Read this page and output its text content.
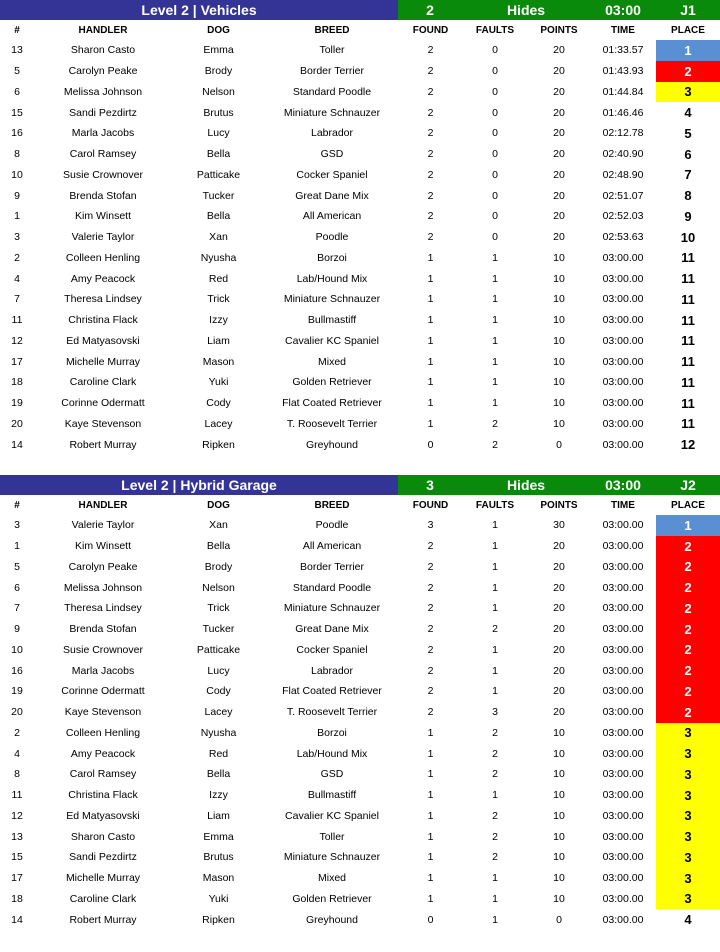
Level 2 | Vehicles	2	Hides	03:00	J1
#	HANDLER	DOG	BREED	FOUND	FAULTS	POINTS	TIME	PLACE
13	Sharon Casto	Emma	Toller	2	0	20	01:33.57	1
5	Carolyn Peake	Brody	Border Terrier	2	0	20	01:43.93	2
6	Melissa Johnson	Nelson	Standard Poodle	2	0	20	01:44.84	3
15	Sandi Pezdirtz	Brutus	Miniature Schnauzer	2	0	20	01:46.46	4
16	Marla Jacobs	Lucy	Labrador	2	0	20	02:12.78	5
8	Carol Ramsey	Bella	GSD	2	0	20	02:40.90	6
10	Susie Crownover	Patticake	Cocker Spaniel	2	0	20	02:48.90	7
9	Brenda Stofan	Tucker	Great Dane Mix	2	0	20	02:51.07	8
1	Kim Winsett	Bella	All American	2	0	20	02:52.03	9
3	Valerie Taylor	Xan	Poodle	2	0	20	02:53.63	10
2	Colleen Henling	Nyusha	Borzoi	1	1	10	03:00.00	11
4	Amy Peacock	Red	Lab/Hound Mix	1	1	10	03:00.00	11
7	Theresa Lindsey	Trick	Miniature Schnauzer	1	1	10	03:00.00	11
11	Christina Flack	Izzy	Bullmastiff	1	1	10	03:00.00	11
12	Ed Matyasovski	Liam	Cavalier KC Spaniel	1	1	10	03:00.00	11
17	Michelle Murray	Mason	Mixed	1	1	10	03:00.00	11
18	Caroline Clark	Yuki	Golden Retriever	1	1	10	03:00.00	11
19	Corinne Odermatt	Cody	Flat Coated Retriever	1	1	10	03:00.00	11
20	Kaye Stevenson	Lacey	T. Roosevelt Terrier	1	2	10	03:00.00	11
14	Robert Murray	Ripken	Greyhound	0	2	0	03:00.00	12
Level 2 | Hybrid Garage	3	Hides	03:00	J2
#	HANDLER	DOG	BREED	FOUND	FAULTS	POINTS	TIME	PLACE
3	Valerie Taylor	Xan	Poodle	3	1	30	03:00.00	1
1	Kim Winsett	Bella	All American	2	1	20	03:00.00	2
5	Carolyn Peake	Brody	Border Terrier	2	1	20	03:00.00	2
6	Melissa Johnson	Nelson	Standard Poodle	2	1	20	03:00.00	2
7	Theresa Lindsey	Trick	Miniature Schnauzer	2	1	20	03:00.00	2
9	Brenda Stofan	Tucker	Great Dane Mix	2	2	20	03:00.00	2
10	Susie Crownover	Patticake	Cocker Spaniel	2	1	20	03:00.00	2
16	Marla Jacobs	Lucy	Labrador	2	1	20	03:00.00	2
19	Corinne Odermatt	Cody	Flat Coated Retriever	2	1	20	03:00.00	2
20	Kaye Stevenson	Lacey	T. Roosevelt Terrier	2	3	20	03:00.00	2
2	Colleen Henling	Nyusha	Borzoi	1	2	10	03:00.00	3
4	Amy Peacock	Red	Lab/Hound Mix	1	2	10	03:00.00	3
8	Carol Ramsey	Bella	GSD	1	2	10	03:00.00	3
11	Christina Flack	Izzy	Bullmastiff	1	1	10	03:00.00	3
12	Ed Matyasovski	Liam	Cavalier KC Spaniel	1	2	10	03:00.00	3
13	Sharon Casto	Emma	Toller	1	2	10	03:00.00	3
15	Sandi Pezdirtz	Brutus	Miniature Schnauzer	1	2	10	03:00.00	3
17	Michelle Murray	Mason	Mixed	1	1	10	03:00.00	3
18	Caroline Clark	Yuki	Golden Retriever	1	1	10	03:00.00	3
14	Robert Murray	Ripken	Greyhound	0	1	0	03:00.00	4
